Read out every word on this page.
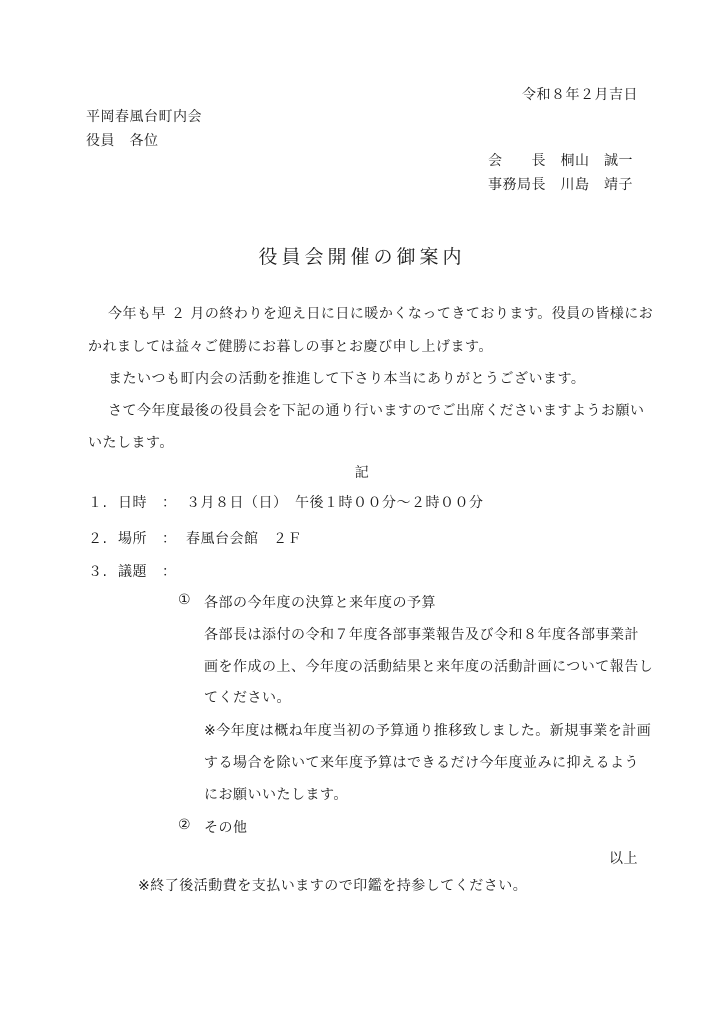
令和８年２月吉日
平岡春風台町内会
役員　各位
会　　長　桐山　誠一
事務局長　川島　靖子
役員会開催の御案内
今年も早 ２ 月の終わりを迎え日に日に暖かくなってきております。役員の皆様にお
かれましては益々ご健勝にお暮しの事とお慶び申し上げます。
またいつも町内会の活動を推進して下さり本当にありがとうございます。
さて今年度最後の役員会を下記の通り行いますのでご出席くださいますようお願い
いたします。
記
１. 日時 ： ３月８日（日）　午後１時００分～２時００分
２. 場所 ： 春風台会館　２Ｆ
３. 議題 ：
① 各部の今年度の決算と来年度の予算
各部長は添付の令和７年度各部事業報告及び令和８年度各部事業計
画を作成の上、今年度の活動結果と来年度の活動計画について報告し
てください。
※今年度は概ね年度当初の予算通り推移致しました。新規事業を計画
する場合を除いて来年度予算はできるだけ今年度並みに抑えるよう
にお願いいたします。
② その他
以上
※終了後活動費を支払いますので印鑑を持参してください。
